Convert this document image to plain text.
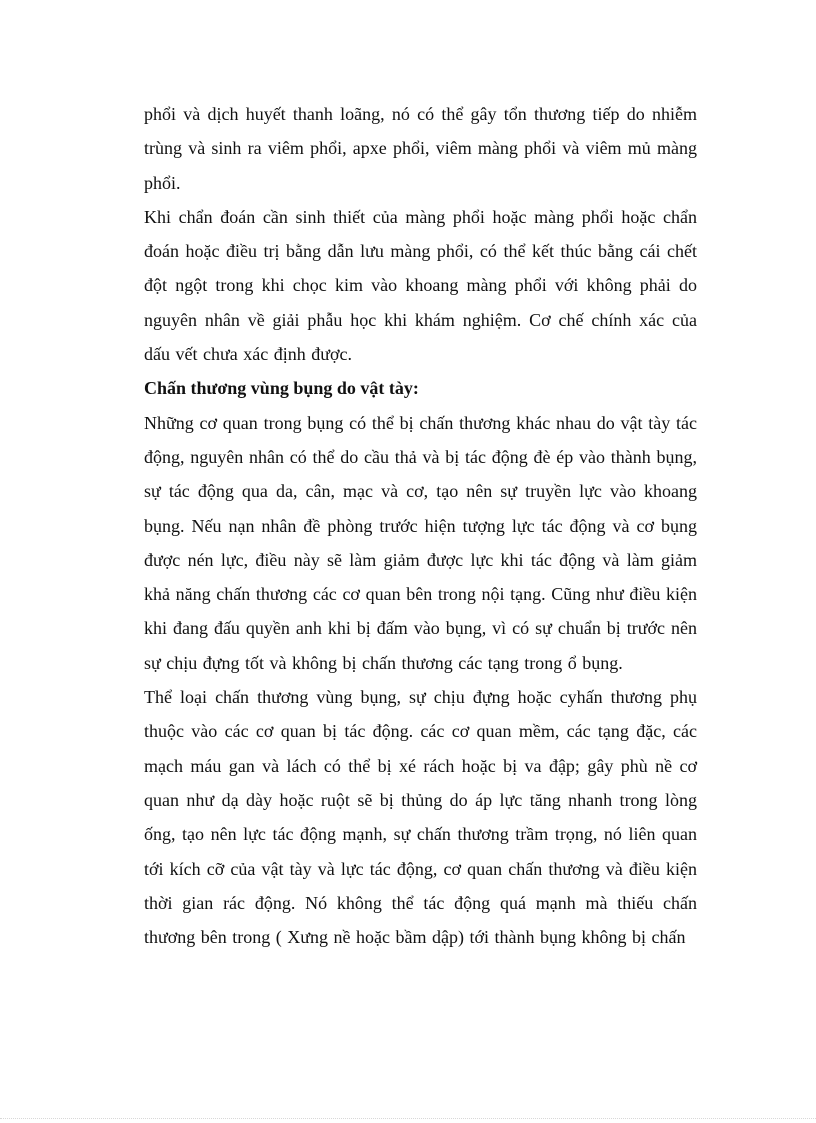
phổi và dịch huyết thanh loãng, nó có thể gây tổn thương tiếp do nhiễm trùng và sinh ra viêm phổi, apxe phổi, viêm màng phổi và viêm mủ màng phổi.

Khi chẩn đoán cần sinh thiết của màng phổi hoặc màng phổi hoặc chẩn đoán hoặc điều trị bằng dẫn lưu màng phổi, có thể kết thúc bằng cái chết đột ngột trong khi chọc kim vào khoang màng phổi với không phải do nguyên nhân về giải phẫu học khi khám nghiệm. Cơ chế chính xác của dấu vết chưa xác định được.

Chấn thương vùng bụng do vật tày:

Những cơ quan trong bụng có thể bị chấn thương khác nhau do vật tày tác động, nguyên nhân có thể do cầu thả và bị tác động đè ép vào thành bụng, sự tác động qua da, cân, mạc và cơ, tạo nên sự truyền lực vào khoang bụng. Nếu nạn nhân đề phòng trước hiện tượng lực tác động và cơ bụng được nén lực, điều này sẽ làm giảm được lực khi tác động và làm giảm khả năng chấn thương các cơ quan bên trong nội tạng. Cũng như điều kiện khi đang đấu quyền anh khi bị đấm vào bụng, vì có sự chuẩn bị trước nên sự chịu đựng tốt và không bị chấn thương các tạng trong ổ bụng.

Thể loại chấn thương vùng bụng, sự chịu đựng hoặc cyhấn thương phụ thuộc vào các cơ quan bị tác động. các cơ quan mềm, các tạng đặc, các mạch máu gan và lách có thể bị xé rách hoặc bị va đập; gây phù nề cơ quan như dạ dày hoặc ruột sẽ bị thủng do áp lực tăng nhanh trong lòng ống, tạo nên lực tác động mạnh, sự chấn thương trầm trọng, nó liên quan tới kích cỡ của vật tày và lực tác động, cơ quan chấn thương và điều kiện thời gian rác động. Nó không thể tác động quá mạnh mà thiếu chấn thương bên trong ( Xưng nề hoặc bầm dập) tới thành bụng không bị chấn
